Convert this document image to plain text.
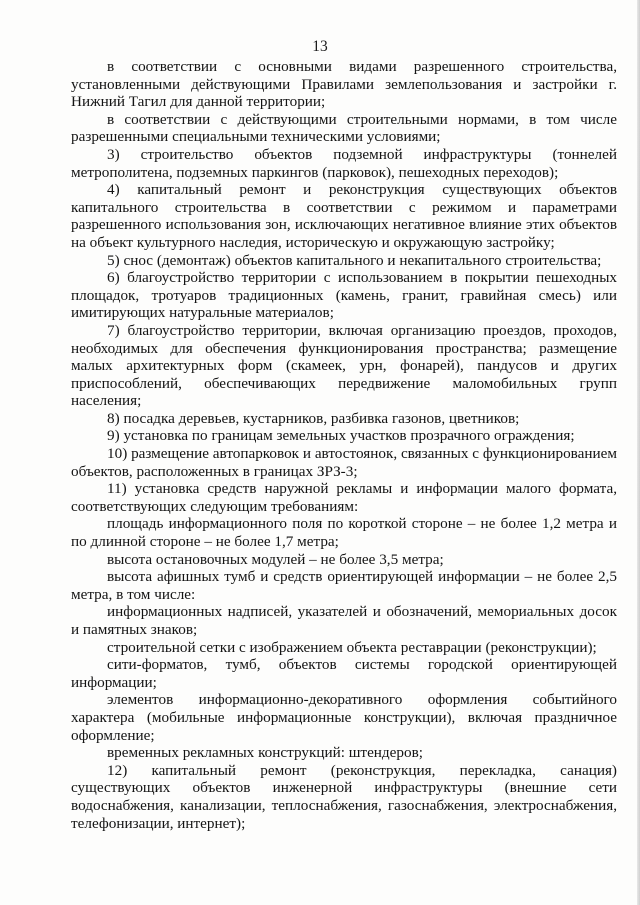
13

в соответствии с основными видами разрешенного строительства, установленными действующими Правилами землепользования и застройки г. Нижний Тагил для данной территории;

в соответствии с действующими строительными нормами, в том числе разрешенными специальными техническими условиями;

3) строительство объектов подземной инфраструктуры (тоннелей метрополитена, подземных паркингов (парковок), пешеходных переходов);

4) капитальный ремонт и реконструкция существующих объектов капитального строительства в соответствии с режимом и параметрами разрешенного использования зон, исключающих негативное влияние этих объектов на объект культурного наследия, историческую и окружающую застройку;

5) снос (демонтаж) объектов капитального и некапитального строительства;

6) благоустройство территории с использованием в покрытии пешеходных площадок, тротуаров традиционных (камень, гранит, гравийная смесь) или имитирующих натуральные материалов;

7) благоустройство территории, включая организацию проездов, проходов, необходимых для обеспечения функционирования пространства; размещение малых архитектурных форм (скамеек, урн, фонарей), пандусов и других приспособлений, обеспечивающих передвижение маломобильных групп населения;

8) посадка деревьев, кустарников, разбивка газонов, цветников;

9) установка по границам земельных участков прозрачного ограждения;

10) размещение автопарковок и автостоянок, связанных с функционированием объектов, расположенных в границах ЗРЗ-3;

11) установка средств наружной рекламы и информации малого формата, соответствующих следующим требованиям:

площадь информационного поля по короткой стороне – не более 1,2 метра и по длинной стороне – не более 1,7 метра;

высота остановочных модулей – не более 3,5 метра;

высота афишных тумб и средств ориентирующей информации – не более 2,5 метра, в том числе:

информационных надписей, указателей и обозначений, мемориальных досок и памятных знаков;

строительной сетки с изображением объекта реставрации (реконструкции);

сити-форматов, тумб, объектов системы городской ориентирующей информации;

элементов информационно-декоративного оформления событийного характера (мобильные информационные конструкции), включая праздничное оформление;

временных рекламных конструкций: штендеров;

12) капитальный ремонт (реконструкция, перекладка, санация) существующих объектов инженерной инфраструктуры (внешние сети водоснабжения, канализации, теплоснабжения, газоснабжения, электроснабжения, телефонизации, интернет);
